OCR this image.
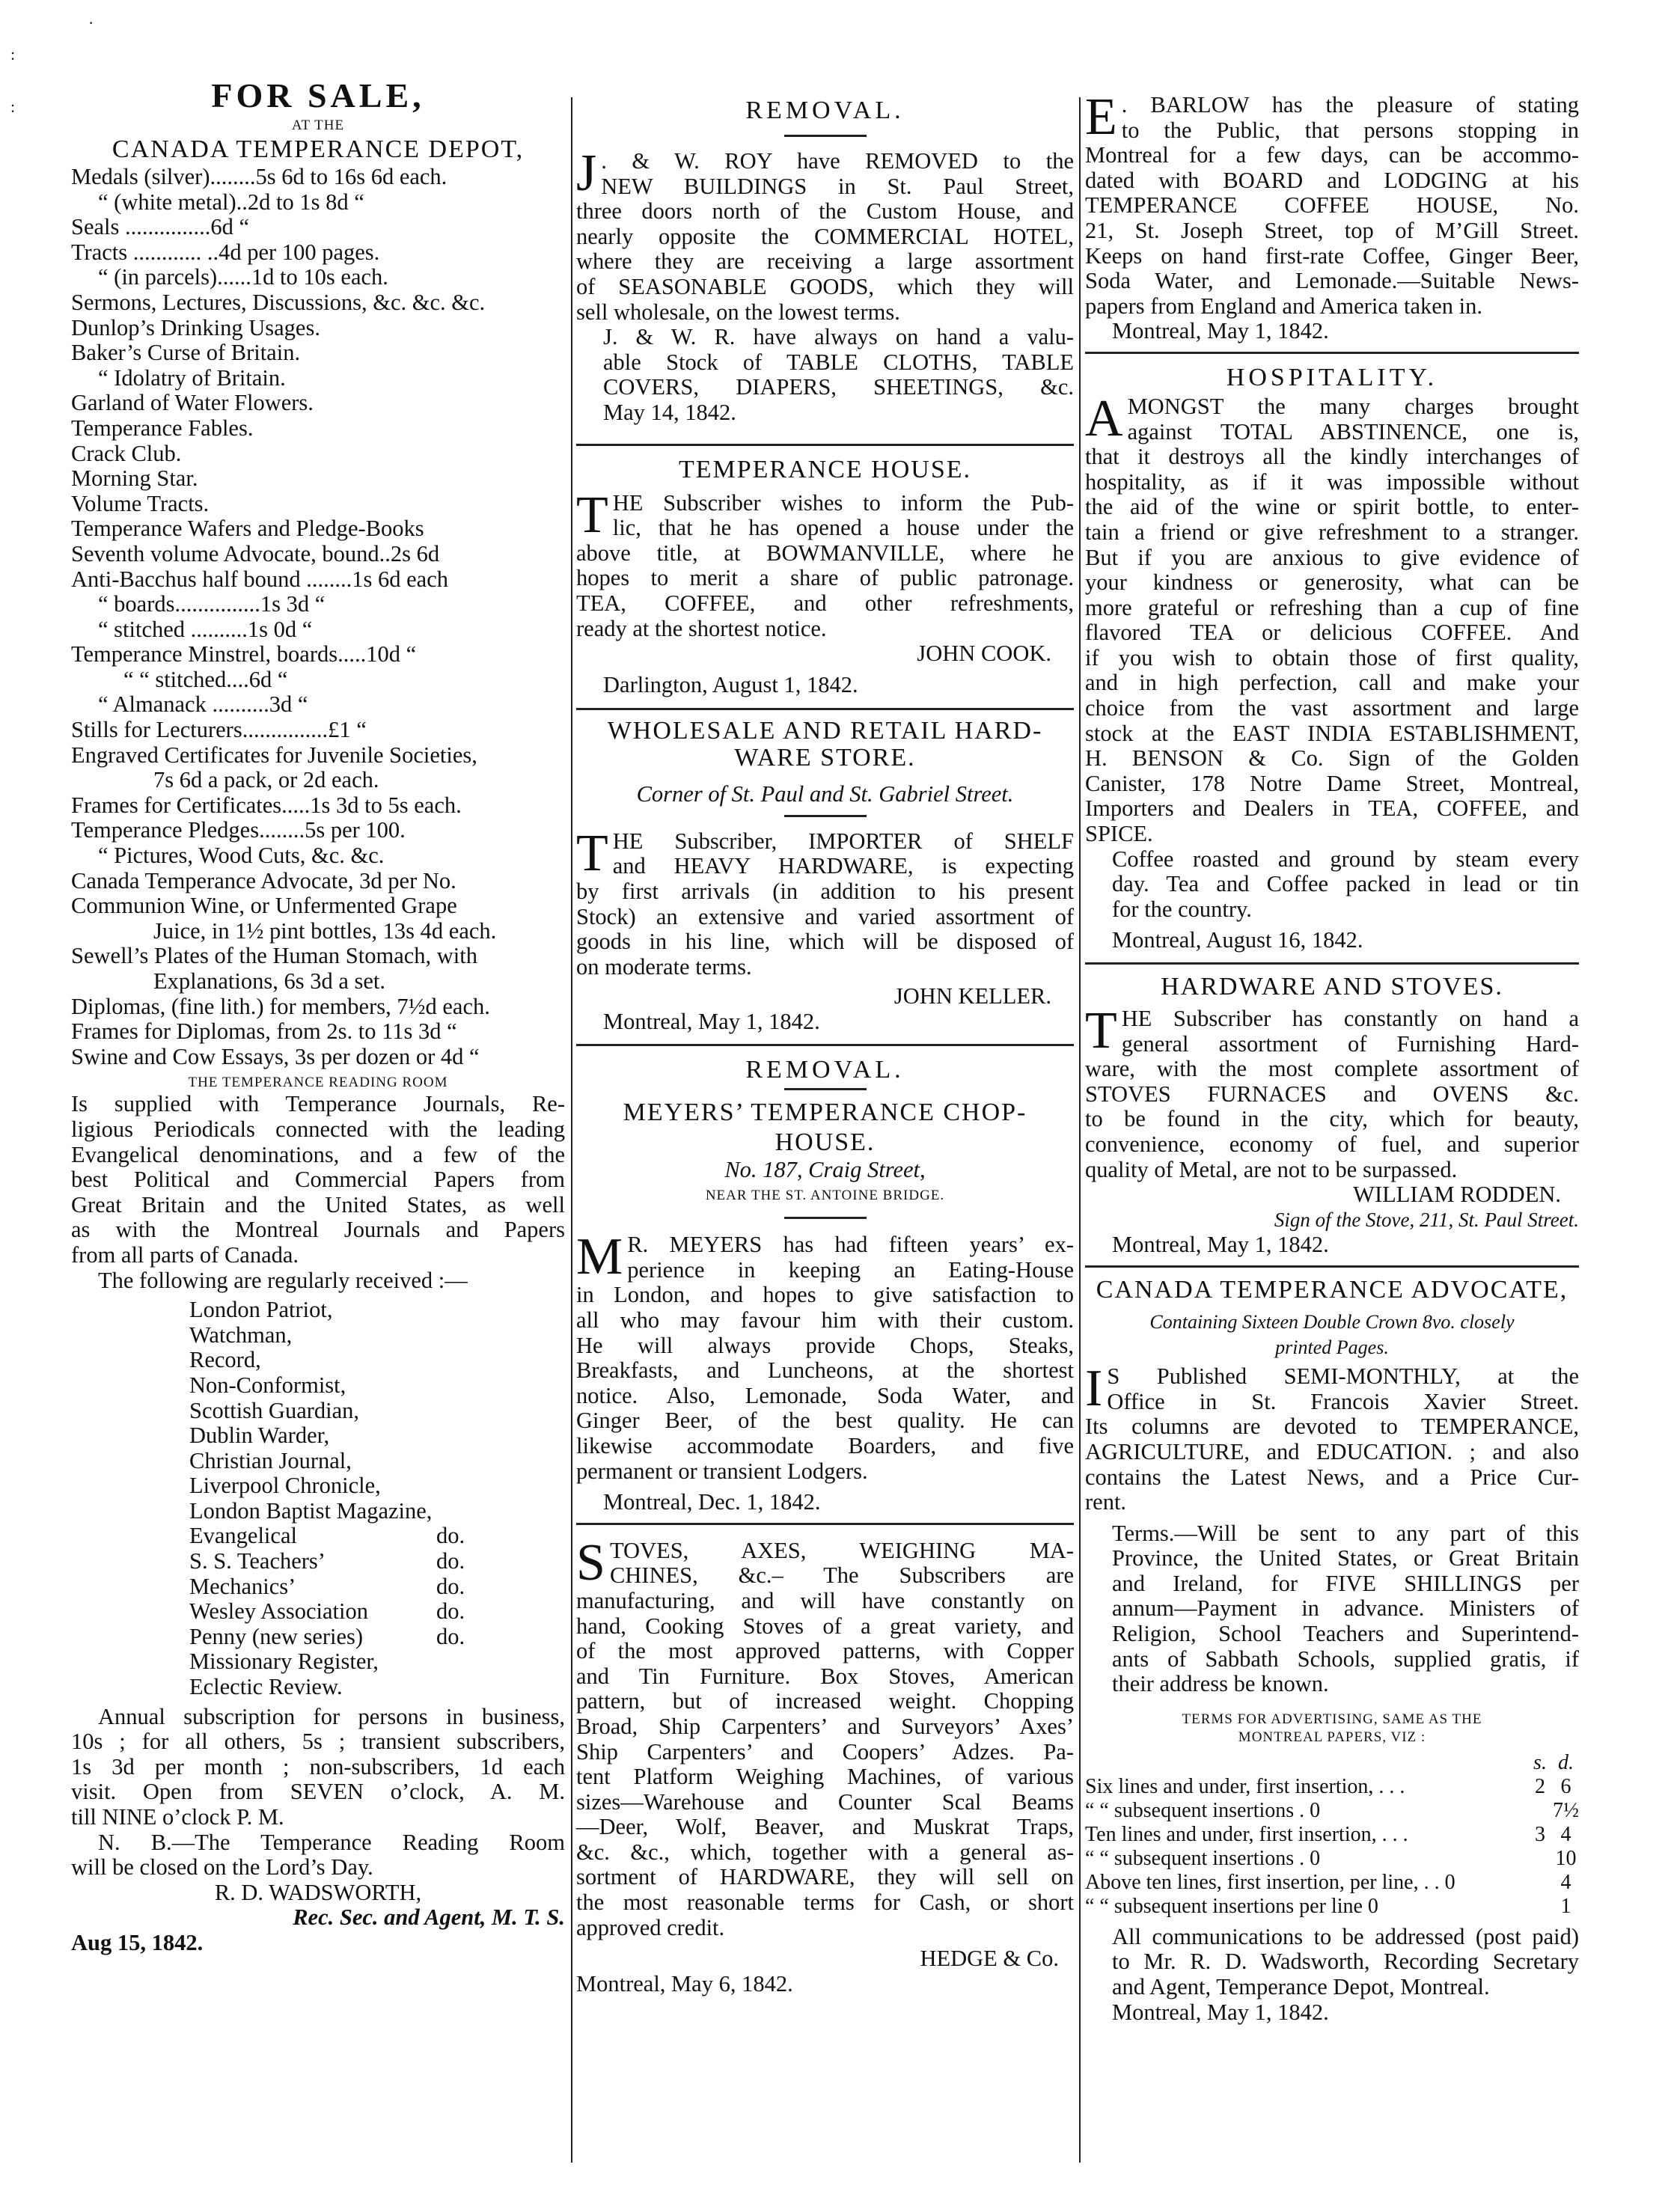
·
:
:	FOR SALE,
AT THE
CANADA TEMPERANCE DEPOT,
Medals (silver)........5s 6d to 16s 6d each.
“ (white metal)..2d to 1s 8d “
Seals ...............6d “
Tracts ............ ..4d per 100 pages.
“ (in parcels)......1d to 10s each.
Sermons, Lectures, Discussions, &c. &c. &c.
Dunlop’s Drinking Usages.
Baker’s Curse of Britain.
“ Idolatry of Britain.
Garland of Water Flowers.
Temperance Fables.
Crack Club.
Morning Star.
Volume Tracts.
Temperance Wafers and Pledge-Books
Seventh volume Advocate, bound..2s 6d
Anti-Bacchus half bound ........1s 6d each
“ boards...............1s 3d “
“ stitched ..........1s 0d “
Temperance Minstrel, boards.....10d “
“ “ stitched....6d “
“ Almanack ..........3d “
Stills for Lecturers...............£1 “
Engraved Certificates for Juvenile Societies,
7s 6d a pack, or 2d each.
Frames for Certificates.....1s 3d to 5s each.
Temperance Pledges........5s per 100.
“ Pictures, Wood Cuts, &c. &c.
Canada Temperance Advocate, 3d per No.
Communion Wine, or Unfermented Grape
Juice, in 1½ pint bottles, 13s 4d each.
Sewell’s Plates of the Human Stomach, with
Explanations, 6s 3d a set.
Diplomas, (fine lith.) for members, 7½d each.
Frames for Diplomas, from 2s. to 11s 3d “
Swine and Cow Essays, 3s per dozen or 4d “
THE TEMPERANCE READING ROOM
Is supplied with Temperance Journals, Re-
ligious Periodicals connected with the leading
Evangelical denominations, and a few of the
best Political and Commercial Papers from
Great Britain and the United States, as well
as with the Montreal Journals and Papers
from all parts of Canada.
The following are regularly received :—
London Patriot,
Watchman,
Record,
Non-Conformist,
Scottish Guardian,
Dublin Warder,
Christian Journal,
Liverpool Chronicle,
London Baptist Magazine,
Evangelical	do.
S. S. Teachers’	do.
Mechanics’	do.
Wesley Association	do.
Penny (new series)	do.
Missionary Register,
Eclectic Review.
Annual subscription for persons in business,
10s ; for all others, 5s ; transient subscribers,
1s 3d per month ; non-subscribers, 1d each
visit. Open from SEVEN o’clock, A. M.
till NINE o’clock P. M.
N. B.—The Temperance Reading Room
will be closed on the Lord’s Day.
R. D. WADSWORTH,
Rec. Sec. and Agent, M. T. S.
Aug 15, 1842.
REMOVAL.
J . & W. ROY have REMOVED to the
NEW BUILDINGS in St. Paul Street,
three doors north of the Custom House, and
nearly opposite the COMMERCIAL HOTEL,
where they are receiving a large assortment
of SEASONABLE GOODS, which they will
sell wholesale, on the lowest terms.
J. & W. R. have always on hand a valu-
able Stock of TABLE CLOTHS, TABLE
COVERS, DIAPERS, SHEETINGS, &c.
May 14, 1842.
TEMPERANCE HOUSE.
T HE Subscriber wishes to inform the Pub-
lic, that he has opened a house under the
above title, at BOWMANVILLE, where he
hopes to merit a share of public patronage.
TEA, COFFEE, and other refreshments,
ready at the shortest notice.
JOHN COOK.
Darlington, August 1, 1842.
WHOLESALE AND RETAIL HARD-
WARE STORE.
Corner of St. Paul and St. Gabriel Street.
T HE Subscriber, IMPORTER of SHELF
and HEAVY HARDWARE, is expecting
by first arrivals (in addition to his present
Stock) an extensive and varied assortment of
goods in his line, which will be disposed of
on moderate terms.
JOHN KELLER.
Montreal, May 1, 1842.
REMOVAL.
MEYERS’ TEMPERANCE CHOP-HOUSE.
No. 187, Craig Street,
NEAR THE ST. ANTOINE BRIDGE.
M R. MEYERS has had fifteen years’ ex-
perience in keeping an Eating-House
in London, and hopes to give satisfaction to
all who may favour him with their custom.
He will always provide Chops, Steaks,
Breakfasts, and Luncheons, at the shortest
notice. Also, Lemonade, Soda Water, and
Ginger Beer, of the best quality. He can
likewise accommodate Boarders, and five
permanent or transient Lodgers.
Montreal, Dec. 1, 1842.
S TOVES, AXES, WEIGHING MA-
CHINES, &c.– The Subscribers are
manufacturing, and will have constantly on
hand, Cooking Stoves of a great variety, and
of the most approved patterns, with Copper
and Tin Furniture. Box Stoves, American
pattern, but of increased weight. Chopping
Broad, Ship Carpenters’ and Surveyors’ Axes’
Ship Carpenters’ and Coopers’ Adzes. Pa-
tent Platform Weighing Machines, of various
sizes—Warehouse and Counter Scal Beams
—Deer, Wolf, Beaver, and Muskrat Traps,
&c. &c., which, together with a general as-
sortment of HARDWARE, they will sell on
the most reasonable terms for Cash, or short
approved credit.
HEDGE & Co.
Montreal, May 6, 1842.
E . BARLOW has the pleasure of stating
to the Public, that persons stopping in
Montreal for a few days, can be accommo-
dated with BOARD and LODGING at his
TEMPERANCE COFFEE HOUSE, No.
21, St. Joseph Street, top of M’Gill Street.
Keeps on hand first-rate Coffee, Ginger Beer,
Soda Water, and Lemonade.—Suitable News-
papers from England and America taken in.
Montreal, May 1, 1842.
HOSPITALITY.
A MONGST the many charges brought
against TOTAL ABSTINENCE, one is,
that it destroys all the kindly interchanges of
hospitality, as if it was impossible without
the aid of the wine or spirit bottle, to enter-
tain a friend or give refreshment to a stranger.
But if you are anxious to give evidence of
your kindness or generosity, what can be
more grateful or refreshing than a cup of fine
flavored TEA or delicious COFFEE. And
if you wish to obtain those of first quality,
and in high perfection, call and make your
choice from the vast assortment and large
stock at the EAST INDIA ESTABLISHMENT,
H. BENSON & Co. Sign of the Golden
Canister, 178 Notre Dame Street, Montreal,
Importers and Dealers in TEA, COFFEE, and
SPICE.
Coffee roasted and ground by steam every
day. Tea and Coffee packed in lead or tin
for the country.
Montreal, August 16, 1842.
HARDWARE AND STOVES.
T HE Subscriber has constantly on hand a
general assortment of Furnishing Hard-
ware, with the most complete assortment of
STOVES FURNACES and OVENS &c.
to be found in the city, which for beauty,
convenience, economy of fuel, and superior
quality of Metal, are not to be surpassed.
WILLIAM RODDEN.
Sign of the Stove, 211, St. Paul Street.
Montreal, May 1, 1842.
CANADA TEMPERANCE ADVOCATE,
Containing Sixteen Double Crown 8vo. closely
printed Pages.
I S Published SEMI-MONTHLY, at the
Office in St. Francois Xavier Street.
Its columns are devoted to TEMPERANCE,
AGRICULTURE, and EDUCATION. ; and also
contains the Latest News, and a Price Cur-
rent.
Terms.—Will be sent to any part of this
Province, the United States, or Great Britain
and Ireland, for FIVE SHILLINGS per
annum—Payment in advance. Ministers of
Religion, School Teachers and Superintend-
ants of Sabbath Schools, supplied gratis, if
their address be known.
TERMS FOR ADVERTISING, SAME AS THE
MONTREAL PAPERS, VIZ :
	s.	d.
Six lines and under, first insertion, . . .	2	6
“ “ subsequent insertions . 0		7½
Ten lines and under, first insertion, . . .	3	4
“ “ subsequent insertions . 0		10
Above ten lines, first insertion, per line, . . 0		4
“ “ subsequent insertions per line 0		1
All communications to be addressed (post paid)
to Mr. R. D. Wadsworth, Recording Secretary
and Agent, Temperance Depot, Montreal.
Montreal, May 1, 1842.
